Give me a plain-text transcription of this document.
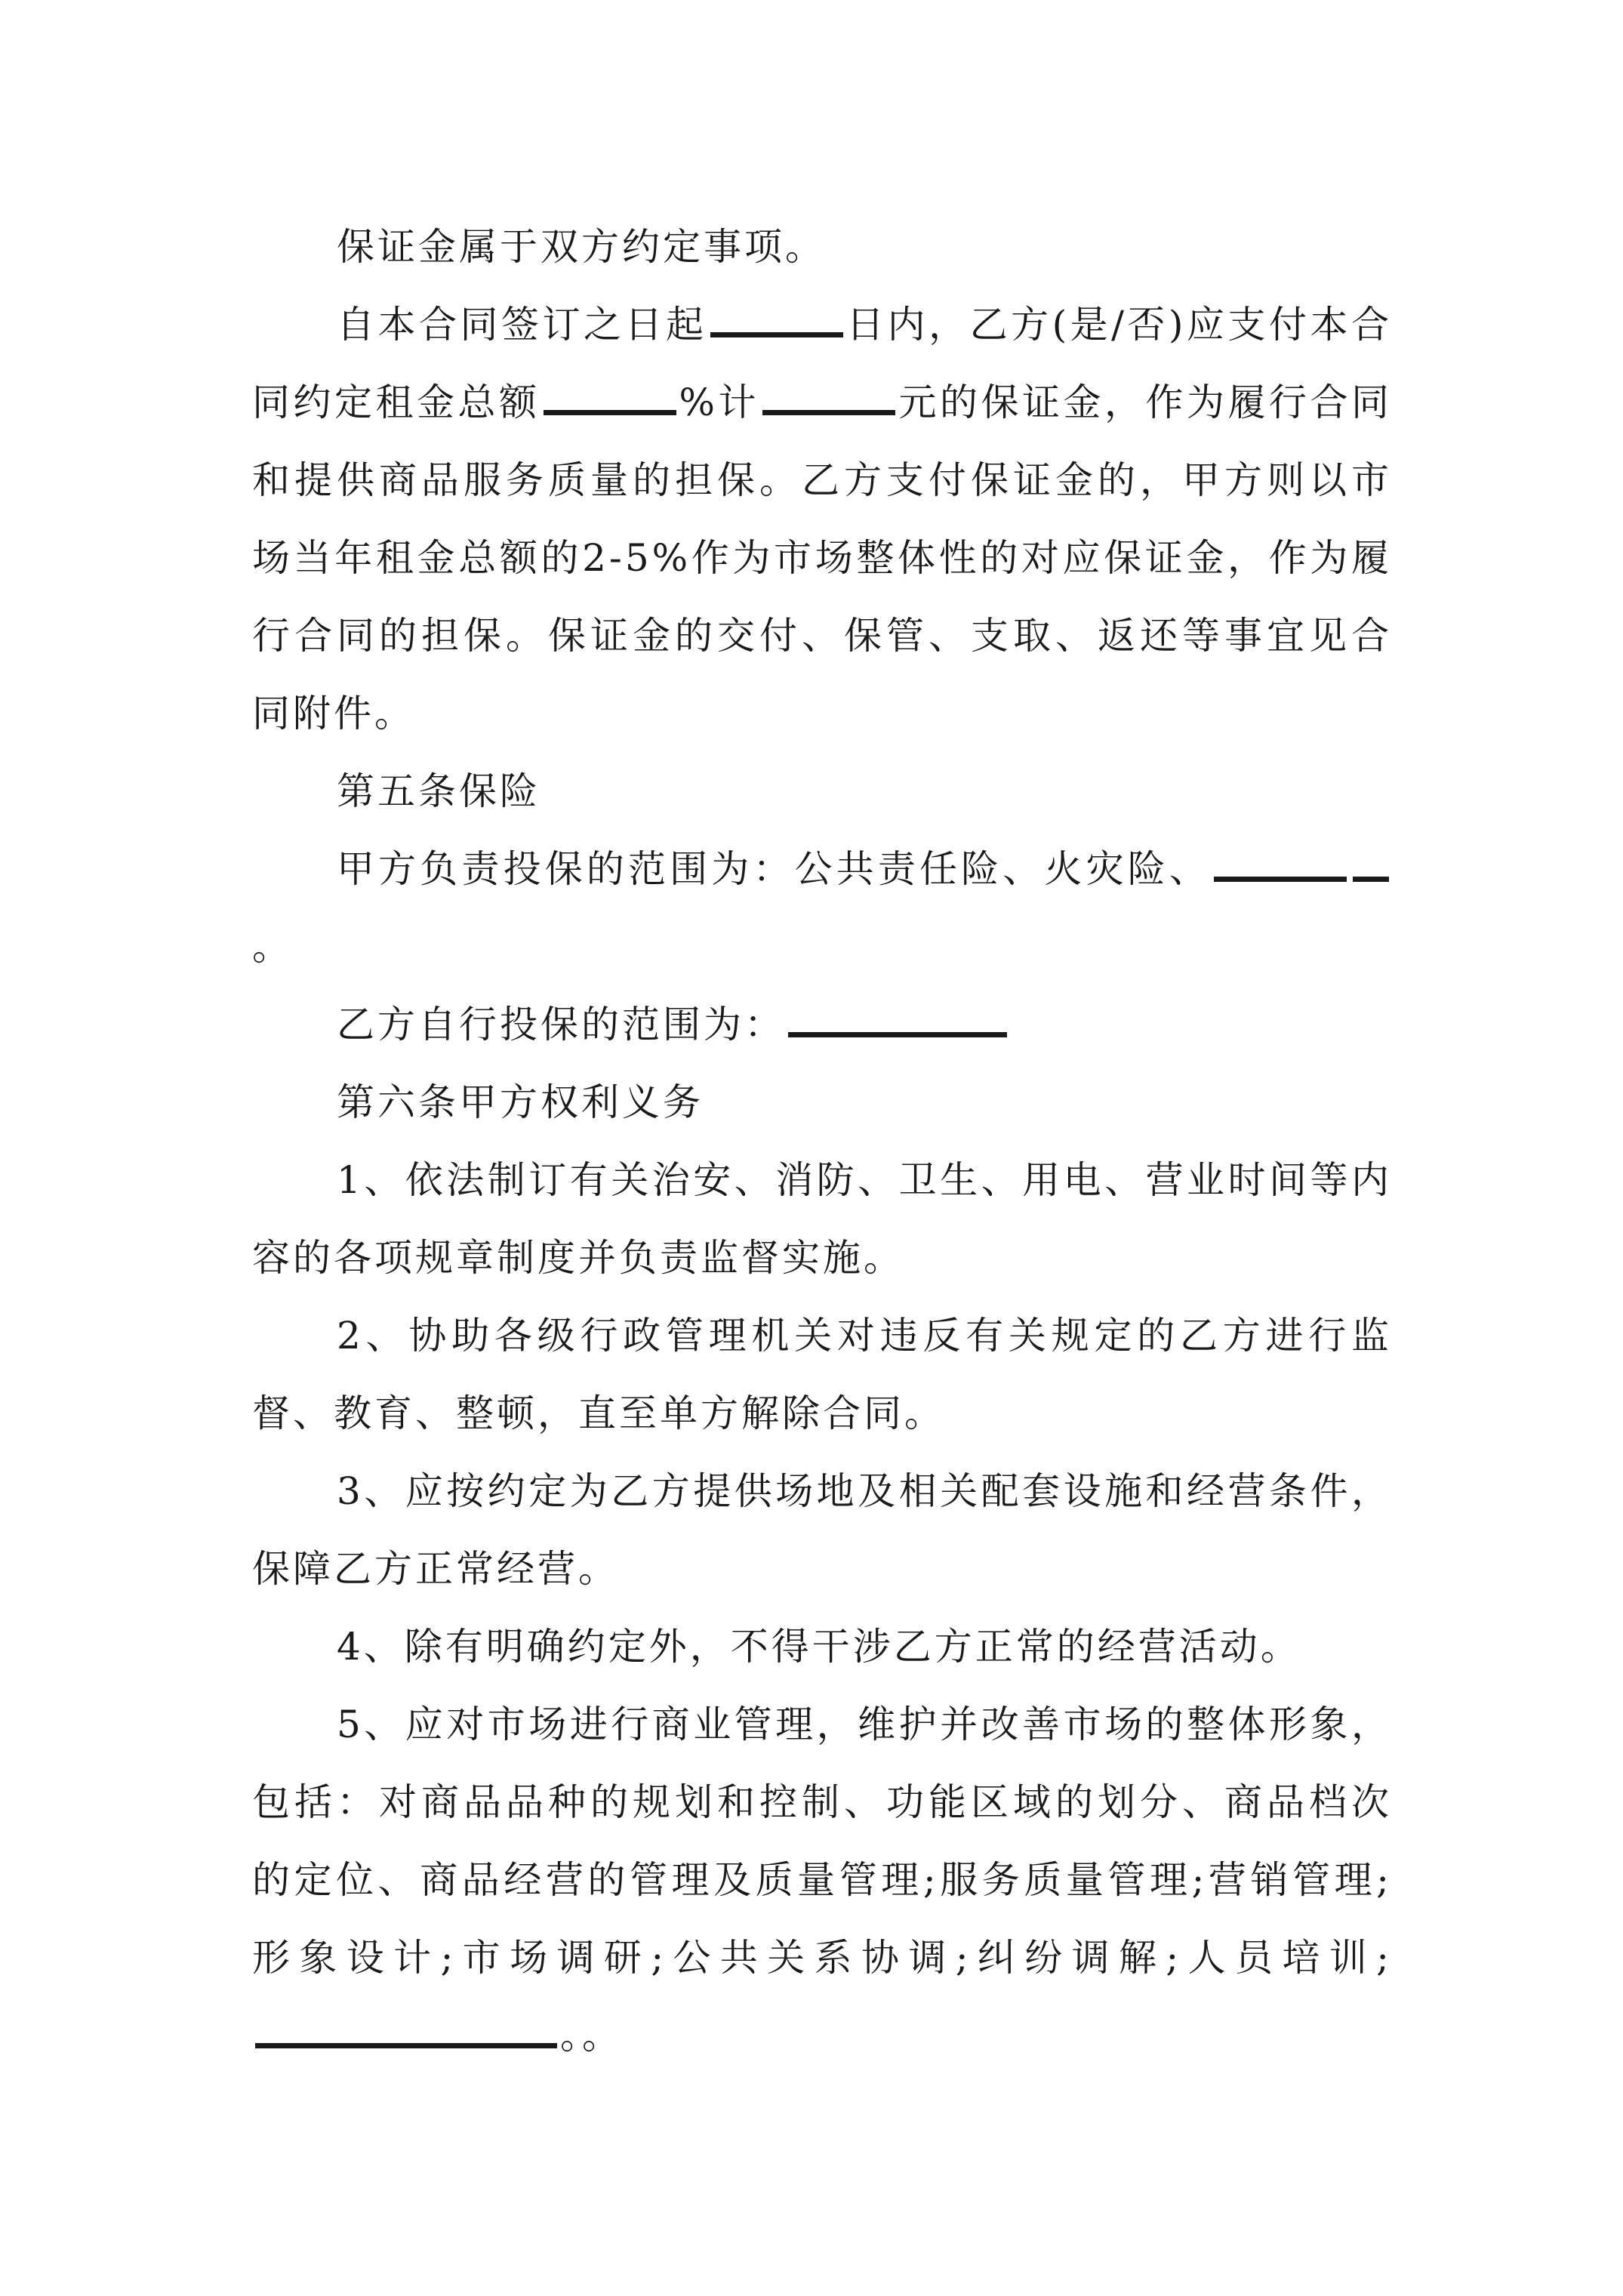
保证金属于双方约定事项。

自本合同签订之日起	日内，乙方(是/否)应支付本合同约定租金总额	%计	元的保证金，作为履行合同和提供商品服务质量的担保。乙方支付保证金的，甲方则以市场当年租金总额的2-5%作为市场整体性的对应保证金，作为履行合同的担保。保证金的交付、保管、支取、返还等事宜见合同附件。

第五条保险

甲方负责投保的范围为：公共责任险、火灾险、。

乙方自行投保的范围为：

第六条甲方权利义务

1、依法制订有关治安、消防、卫生、用电、营业时间等内容的各项规章制度并负责监督实施。

2、协助各级行政管理机关对违反有关规定的乙方进行监督、教育、整顿，直至单方解除合同。

3、应按约定为乙方提供场地及相关配套设施和经营条件，保障乙方正常经营。

4、除有明确约定外，不得干涉乙方正常的经营活动。

5、应对市场进行商业管理，维护并改善市场的整体形象，包括：对商品品种的规划和控制、功能区域的划分、商品档次的定位、商品经营的管理及质量管理;服务质量管理;营销管理;形象设计;市场调研;公共关系协调;纠纷调解;人员培训;。。
